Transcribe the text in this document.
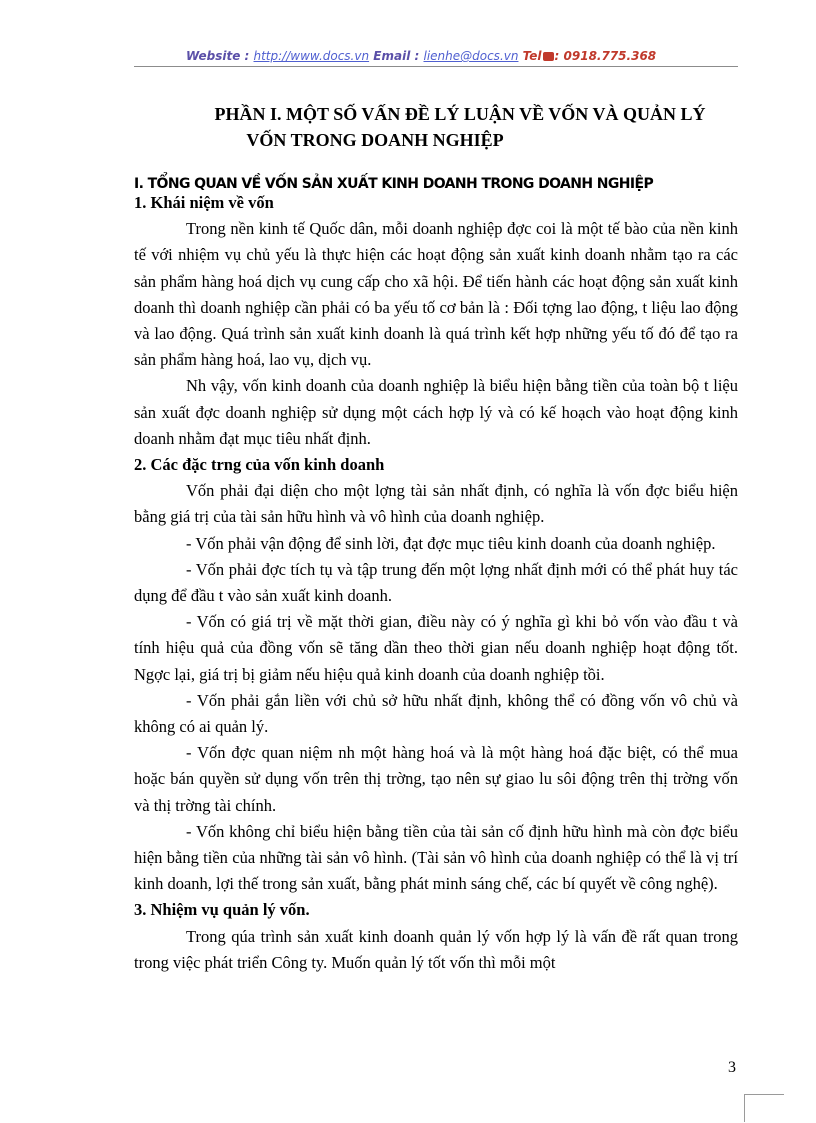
Website : http://www.docs.vn Email : lienhe@docs.vn Tel : 0918.775.368
PHẦN I. MỘT SỐ VẤN ĐỀ LÝ LUẬN VỀ VỐN VÀ QUẢN LÝ
VỐN TRONG DOANH NGHIỆP
I. TỔNG QUAN VỀ VỐN SẢN XUẤT KINH DOANH TRONG DOANH NGHIỆP
1. Khái niệm về vốn

Trong nền kinh tế Quốc dân, mỗi doanh nghiệp đợc coi là một tế bào của nền kinh tế với nhiệm vụ chủ yếu là thực hiện các hoạt động sản xuất kinh doanh nhằm tạo ra các sản phẩm hàng hoá dịch vụ cung cấp cho xã hội. Để tiến hành các hoạt động sản xuất kinh doanh thì doanh nghiệp cần phải có ba yếu tố cơ bản là : Đối tợng lao động, t liệu lao động và lao động. Quá trình sản xuất kinh doanh là quá trình kết hợp những yếu tố đó để tạo ra sản phẩm hàng hoá, lao vụ, dịch vụ.

Nh vậy, vốn kinh doanh của doanh nghiệp là biểu hiện bằng tiền của toàn bộ t liệu sản xuất đợc doanh nghiệp sử dụng một cách hợp lý và có kế hoạch vào hoạt động kinh doanh nhằm đạt mục tiêu nhất định.

2. Các đặc trng của vốn kinh doanh

Vốn phải đại diện cho một lợng tài sản nhất định, có nghĩa là vốn đợc biểu hiện bằng giá trị của tài sản hữu hình và vô hình của doanh nghiệp.

- Vốn phải vận động để sinh lời, đạt đợc mục tiêu kinh doanh của doanh nghiệp.

- Vốn phải đợc tích tụ và tập trung đến một lợng nhất định mới có thể phát huy tác dụng để đầu t vào sản xuất kinh doanh.

- Vốn có giá trị về mặt thời gian, điều này có ý nghĩa gì khi bỏ vốn vào đầu t và tính hiệu quả của đồng vốn sẽ tăng dần theo thời gian nếu doanh nghiệp hoạt động tốt. Ngợc lại, giá trị bị giảm nếu hiệu quả kinh doanh của doanh nghiệp tồi.

- Vốn phải gắn liền với chủ sở hữu nhất định, không thể có đồng vốn vô chủ và không có ai quản lý.

- Vốn đợc quan niệm nh một hàng hoá và là một hàng hoá đặc biệt, có thể mua hoặc bán quyền sử dụng vốn trên thị trờng, tạo nên sự giao lu sôi động trên thị trờng vốn và thị trờng tài chính.

- Vốn không chỉ biểu hiện bằng tiền của tài sản cố định hữu hình mà còn đợc biểu hiện bằng tiền của những tài sản vô hình. (Tài sản vô hình của doanh nghiệp có thể là vị trí kinh doanh, lợi thế trong sản xuất, bằng phát minh sáng chế, các bí quyết về công nghệ).

3. Nhiệm vụ quản lý vốn.

Trong qúa trình sản xuất kinh doanh quản lý vốn hợp lý là vấn đề rất quan trong trong việc phát triển Công ty. Muốn quản lý tốt vốn thì mỗi một

3
